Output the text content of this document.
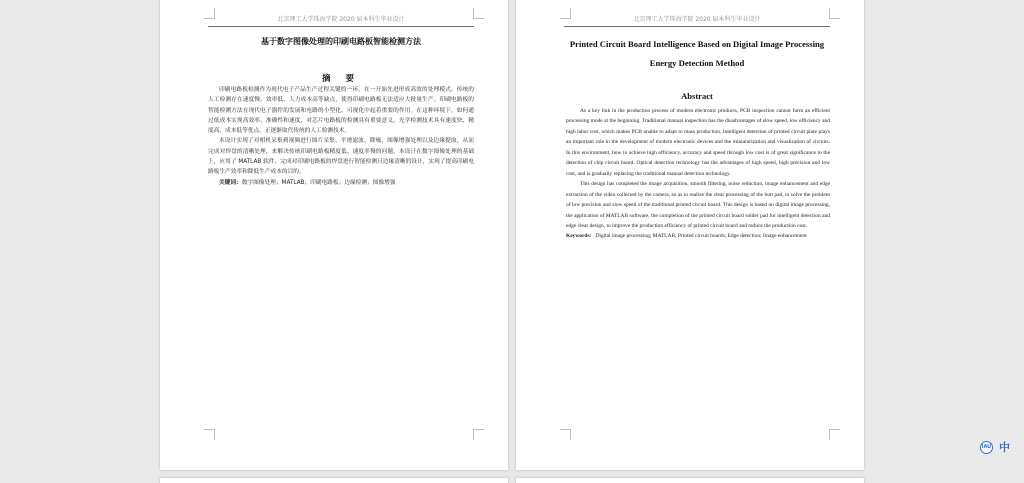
北京理工大学珠海学院 2020 届本科生毕业设计
基于数字图像处理的印刷电路板智能检测方法
摘 要

印刷电路板检测作为现代电子产品生产过程关键的一环，在一开始先进形成高效的处理模式，传统的人工检测存在速度慢、效率低、人力成本高等缺点，使得印刷电路板无法适应大批量生产。印刷电路板的智能检测方法在现代电子器件的发展和电路的小型化、可视化中起着重要的作用。在这种环境下，如何通过低成本实现高效率、准确性和速度，对芯片电路板的检测具有重要意义。光学检测技术具有速度快、精度高、成本低等优点，正逐渐取代传统的人工检测技术。

本设计实现了对相机采集到视频进行图片采集、平滑滤波、降噪、图像增强处理以及边缘提取，从而完成对焊盘的清晰处理，来解决传统印刷电路板精度低、速度率慢的问题。本设计在数字图像处理的基础上，应用了 MATLAB 软件，完成对印刷电路板的焊盘进行智能检测且边缘清晰的设计，实现了提高印刷电路板生产效率和降低生产成本的目的。

关键词：数字图像处理；MATLAB；印刷电路板；边缘检测；图像增强

北京理工大学珠海学院 2020 届本科生毕业设计
Printed Circuit Board Intelligence Based on Digital Image Processing
Energy Detection Method
Abstract

As a key link in the production process of modern electronic products, PCB inspection cannot form an efficient processing mode at the beginning. Traditional manual inspection has the disadvantages of slow speed, low efficiency and high labor cost, which makes PCB unable to adapt to mass production. Intelligent detection of printed circuit plate plays an important role in the development of modern electronic devices and the miniaturization and visualization of circuits. In this environment, how to achieve high efficiency, accuracy and speed through low cost is of great significance to the detection of chip circuit board. Optical detection technology has the advantages of high speed, high precision and low cost, and is gradually replacing the traditional manual detection technology.

This design has completed the image acquisition, smooth filtering, noise reduction, image enhancement and edge extraction of the video collected by the camera, so as to realize the clear processing of the butt pad, to solve the problem of low precision and slow speed of the traditional printed circuit board. This design is based on digital image processing, the application of MATLAB software, the completion of the printed circuit board solder pad for intelligent detection and edge clear design, to improve the production efficiency of printed circuit board and reduce the production cost.

Keywords: Digital image processing; MATLAB; Printed circuit boards; Edge detection; Image enhancement

iAU 中
